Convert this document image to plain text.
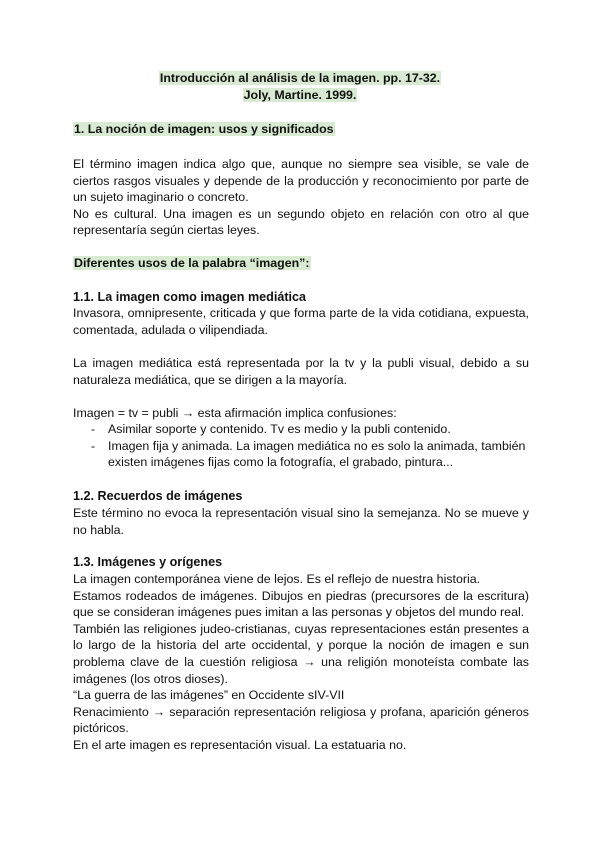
Introducción al análisis de la imagen. pp. 17-32.
Joly, Martine. 1999.
1. La noción de imagen: usos y significados

El término imagen indica algo que, aunque no siempre sea visible, se vale de ciertos rasgos visuales y depende de la producción y reconocimiento por parte de un sujeto imaginario o concreto.

No es cultural. Una imagen es un segundo objeto en relación con otro al que representaría según ciertas leyes.

Diferentes usos de la palabra “imagen”:
1.1. La imagen como imagen mediática
Invasora, omnipresente, criticada y que forma parte de la vida cotidiana, expuesta, comentada, adulada o vilipendiada.
La imagen mediática está representada por la tv y la publi visual, debido a su naturaleza mediática, que se dirigen a la mayoría.
Imagen = tv = publi → esta afirmación implica confusiones:
- Asimilar soporte y contenido. Tv es medio y la publi contenido.
- Imagen fija y animada. La imagen mediática no es solo la animada, también existen imágenes fijas como la fotografía, el grabado, pintura...
1.2. Recuerdos de imágenes
Este término no evoca la representación visual sino la semejanza. No se mueve y no habla.
1.3. Imágenes y orígenes

La imagen contemporánea viene de lejos. Es el reflejo de nuestra historia.

Estamos rodeados de imágenes. Dibujos en piedras (precursores de la escritura) que se consideran imágenes pues imitan a las personas y objetos del mundo real.

También las religiones judeo-cristianas, cuyas representaciones están presentes a lo largo de la historia del arte occidental, y porque la noción de imagen e sun problema clave de la cuestión religiosa → una religión monoteísta combate las imágenes (los otros dioses).

“La guerra de las imágenes” en Occidente sIV-VII

Renacimiento → separación representación religiosa y profana, aparición géneros pictóricos.

En el arte imagen es representación visual. La estatuaria no.
